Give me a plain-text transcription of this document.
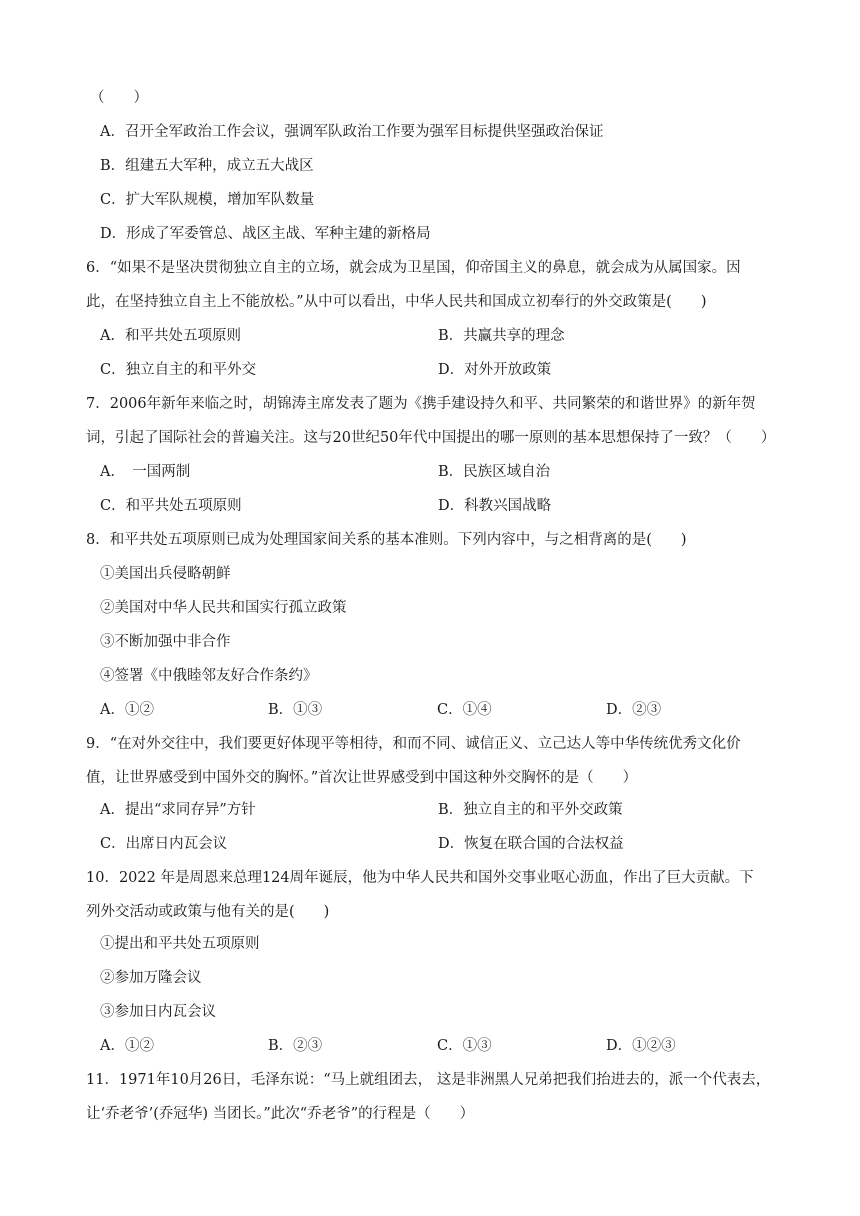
（　　）
A．召开全军政治工作会议，强调军队政治工作要为强军目标提供坚强政治保证
B．组建五大军种，成立五大战区
C．扩大军队规模，增加军队数量
D．形成了军委管总、战区主战、军种主建的新格局
6．“如果不是坚决贯彻独立自主的立场，就会成为卫星国，仰帝国主义的鼻息，就会成为从属国家。因
此，在坚持独立自主上不能放松。”从中可以看出，中华人民共和国成立初奉行的外交政策是(　　)
A．和平共处五项原则	B．共赢共享的理念
C．独立自主的和平外交	D．对外开放政策
7．2006年新年来临之时，胡锦涛主席发表了题为《携手建设持久和平、共同繁荣的和谐世界》的新年贺
词，引起了国际社会的普遍关注。这与20世纪50年代中国提出的哪一原则的基本思想保持了一致？（　　）
A．　一国两制	B．民族区域自治
C．和平共处五项原则	D．科教兴国战略
8．和平共处五项原则已成为处理国家间关系的基本准则。下列内容中，与之相背离的是(　　)
①美国出兵侵略朝鲜
②美国对中华人民共和国实行孤立政策
③不断加强中非合作
④签署《中俄睦邻友好合作条约》
A．①②	B．①③	C．①④	D．②③
9．“在对外交往中，我们要更好体现平等相待，和而不同、诚信正义、立己达人等中华传统优秀文化价
值，让世界感受到中国外交的胸怀。”首次让世界感受到中国这种外交胸怀的是（　　）
A．提出“求同存异”方针	B．独立自主的和平外交政策
C．出席日内瓦会议	D．恢复在联合国的合法权益
10．2022 年是周恩来总理124周年诞辰，他为中华人民共和国外交事业呕心沥血，作出了巨大贡献。下
列外交活动或政策与他有关的是(　　)
①提出和平共处五项原则
②参加万隆会议
③参加日内瓦会议
A．①②	B．②③	C．①③	D．①②③
11．1971年10月26日，毛泽东说：“马上就组团去， 这是非洲黑人兄弟把我们抬进去的，派一个代表去，
让‘乔老爷’(乔冠华) 当团长。”此次“乔老爷”的行程是（　　）
